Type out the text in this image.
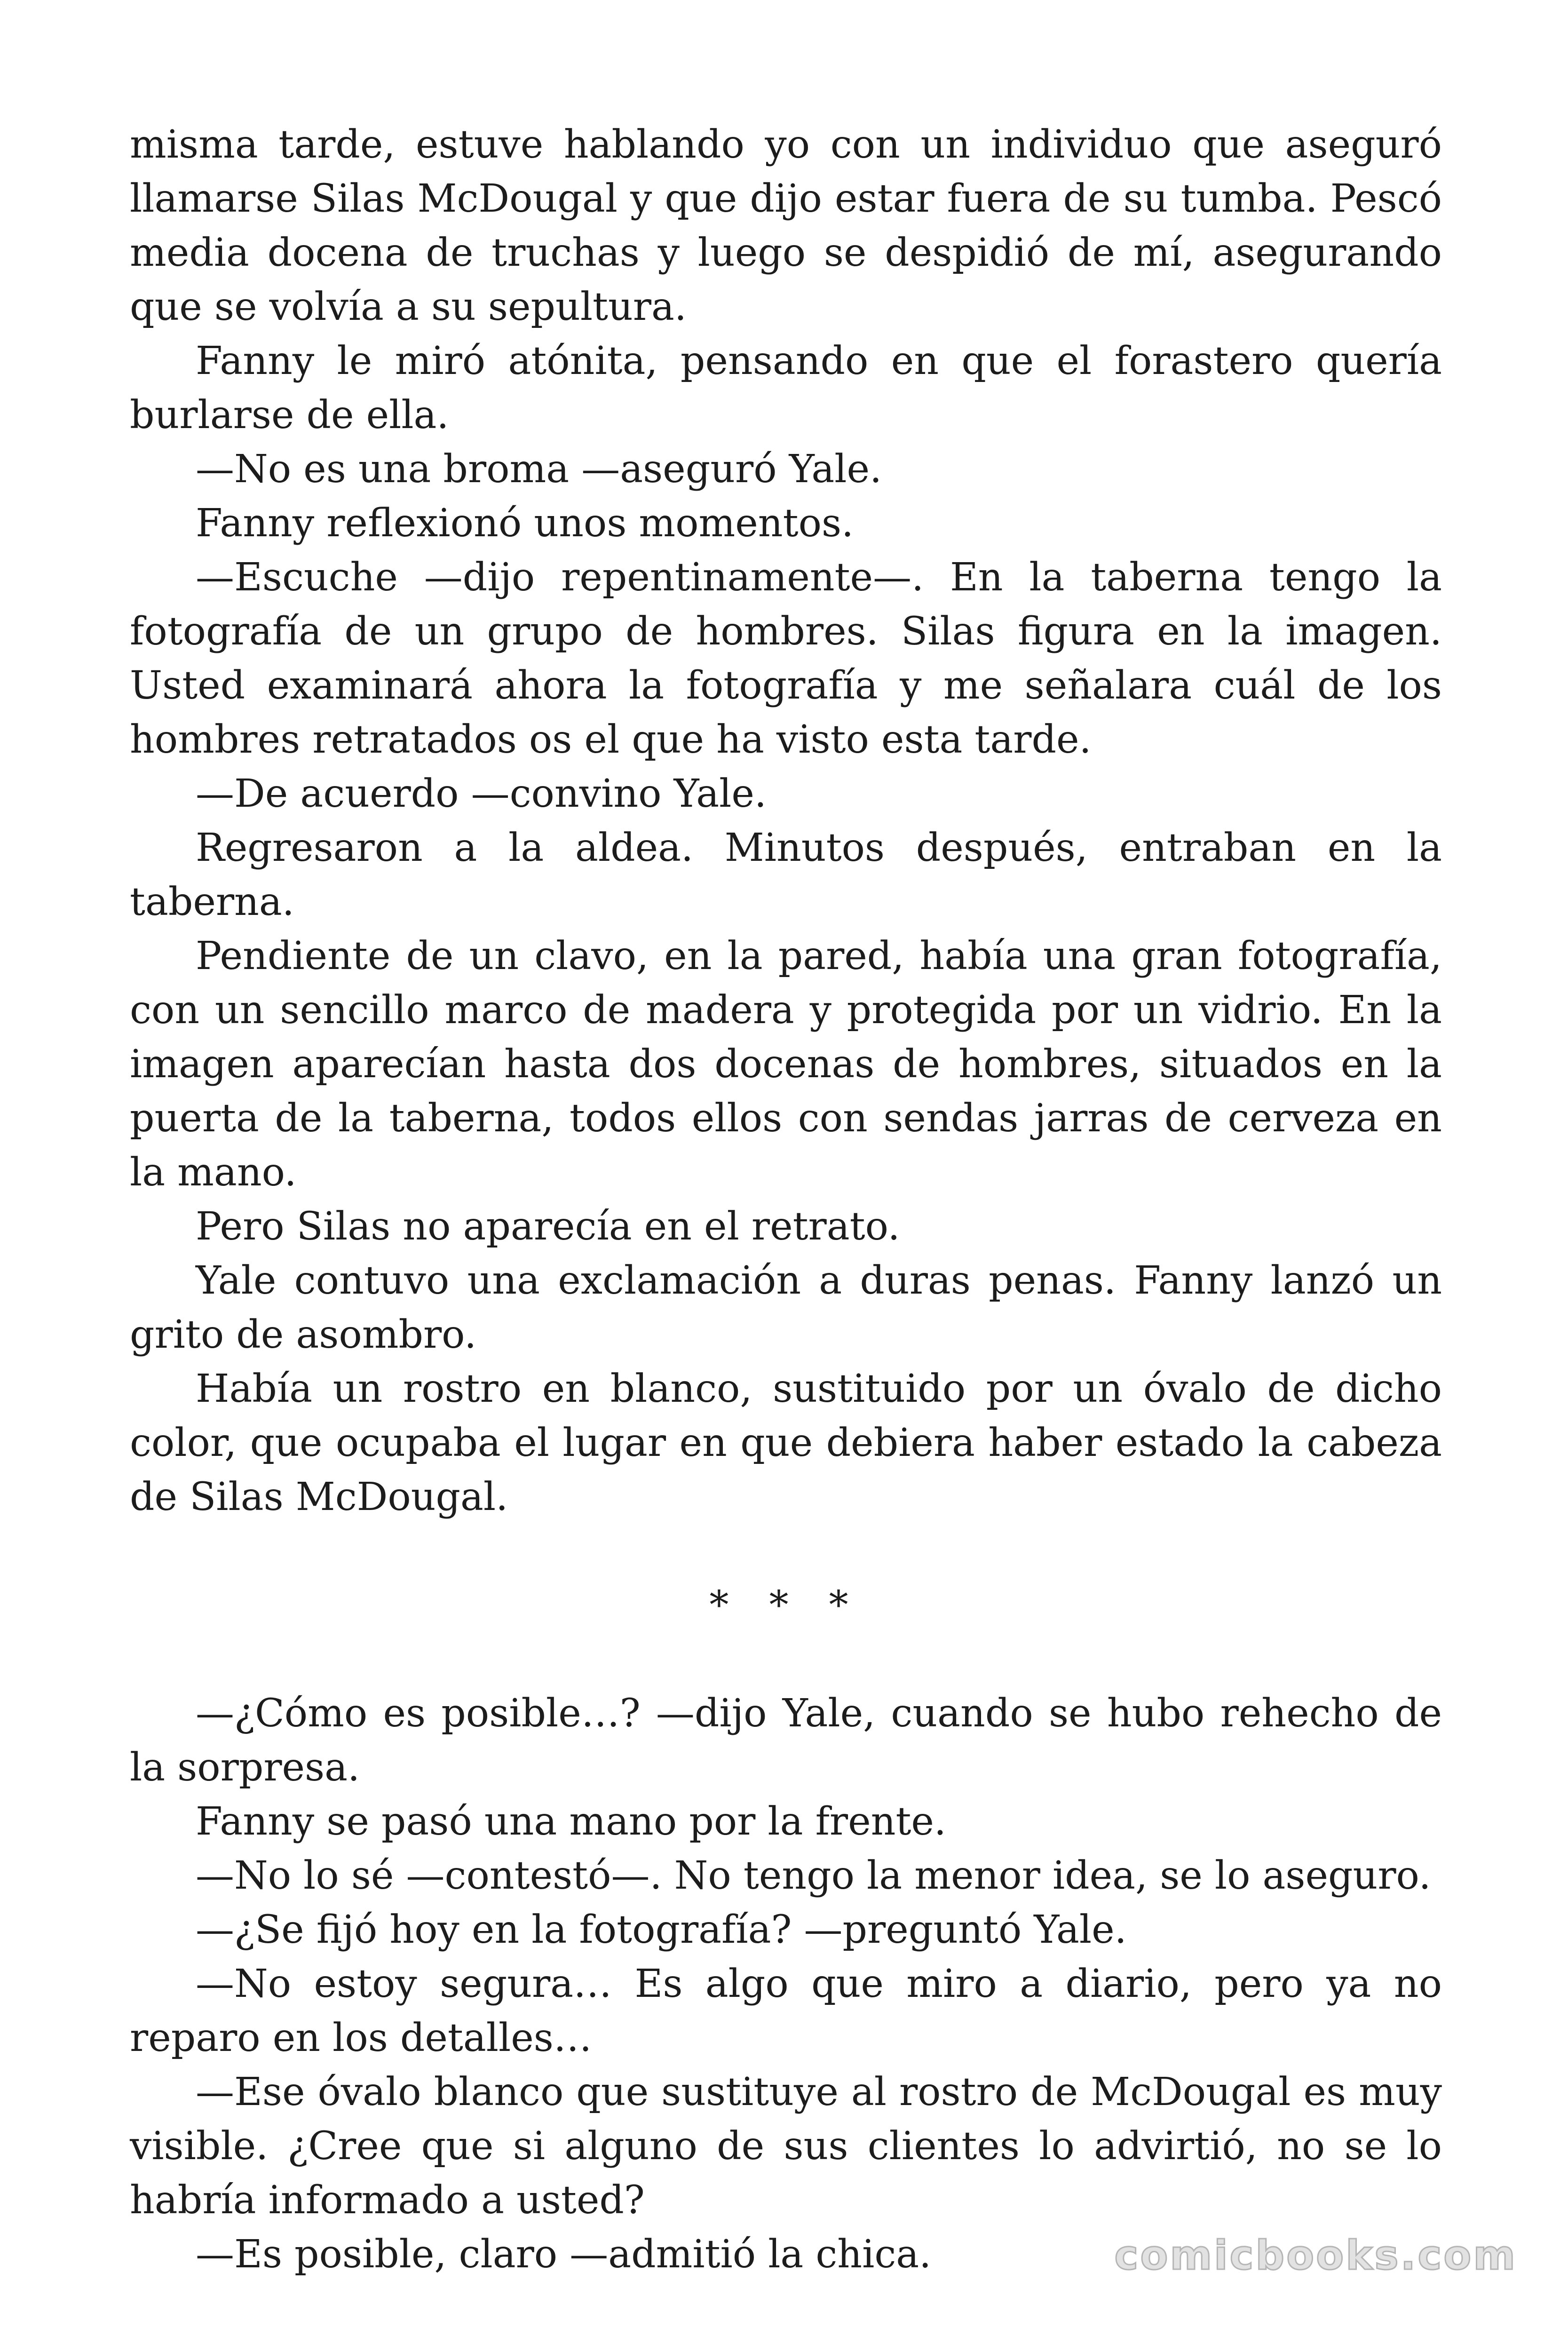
misma tarde, estuve hablando yo con un individuo que aseguró llamarse Silas McDougal y que dijo estar fuera de su tumba. Pescó media docena de truchas y luego se despidió de mí, asegurando que se volvía a su sepultura.

Fanny le miró atónita, pensando en que el forastero quería burlarse de ella.

—No es una broma —aseguró Yale.

Fanny reflexionó unos momentos.

—Escuche —dijo repentinamente—. En la taberna tengo la fotografía de un grupo de hombres. Silas figura en la imagen. Usted examinará ahora la fotografía y me señalara cuál de los hombres retratados os el que ha visto esta tarde.

—De acuerdo —convino Yale.

Regresaron a la aldea. Minutos después, entraban en la taberna.

Pendiente de un clavo, en la pared, había una gran fotografía, con un sencillo marco de madera y protegida por un vidrio. En la imagen aparecían hasta dos docenas de hombres, situados en la puerta de la taberna, todos ellos con sendas jarras de cerveza en la mano.

Pero Silas no aparecía en el retrato.

Yale contuvo una exclamación a duras penas. Fanny lanzó un grito de asombro.

Había un rostro en blanco, sustituido por un óvalo de dicho color, que ocupaba el lugar en que debiera haber estado la cabeza de Silas McDougal.

* * *

—¿Cómo es posible…? —dijo Yale, cuando se hubo rehecho de la sorpresa.

Fanny se pasó una mano por la frente.

—No lo sé —contestó—. No tengo la menor idea, se lo aseguro.

—¿Se fijó hoy en la fotografía? —preguntó Yale.

—No estoy segura… Es algo que miro a diario, pero ya no reparo en los detalles…

—Ese óvalo blanco que sustituye al rostro de McDougal es muy visible. ¿Cree que si alguno de sus clientes lo advirtió, no se lo habría informado a usted?

—Es posible, claro —admitió la chica.	comicbooks.com
